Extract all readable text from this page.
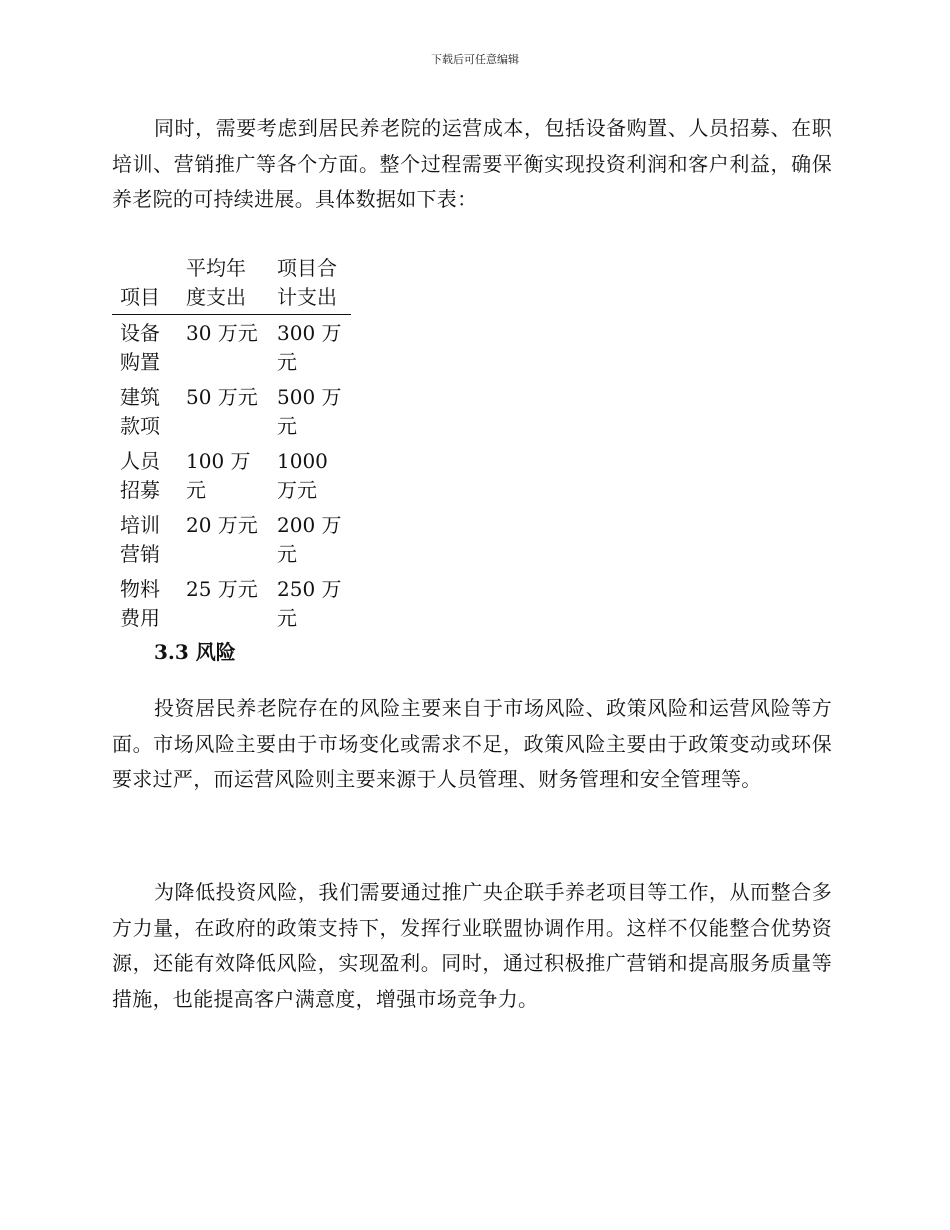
下载后可任意编辑

同时，需要考虑到居民养老院的运营成本，包括设备购置、人员招募、在职培训、营销推广等各个方面。整个过程需要平衡实现投资利润和客户利益，确保养老院的可持续进展。具体数据如下表：

项目	平均年度支出	项目合计支出
设备购置	30 万元	300 万元
建筑款项	50 万元	500 万元
人员招募	100 万元	1000 万元
培训营销	20 万元	200 万元
物料费用	25 万元	250 万元
3.3 风险

投资居民养老院存在的风险主要来自于市场风险、政策风险和运营风险等方面。市场风险主要由于市场变化或需求不足，政策风险主要由于政策变动或环保要求过严，而运营风险则主要来源于人员管理、财务管理和安全管理等。

为降低投资风险，我们需要通过推广央企联手养老项目等工作，从而整合多方力量，在政府的政策支持下，发挥行业联盟协调作用。这样不仅能整合优势资源，还能有效降低风险，实现盈利。同时，通过积极推广营销和提高服务质量等措施，也能提高客户满意度，增强市场竞争力。
